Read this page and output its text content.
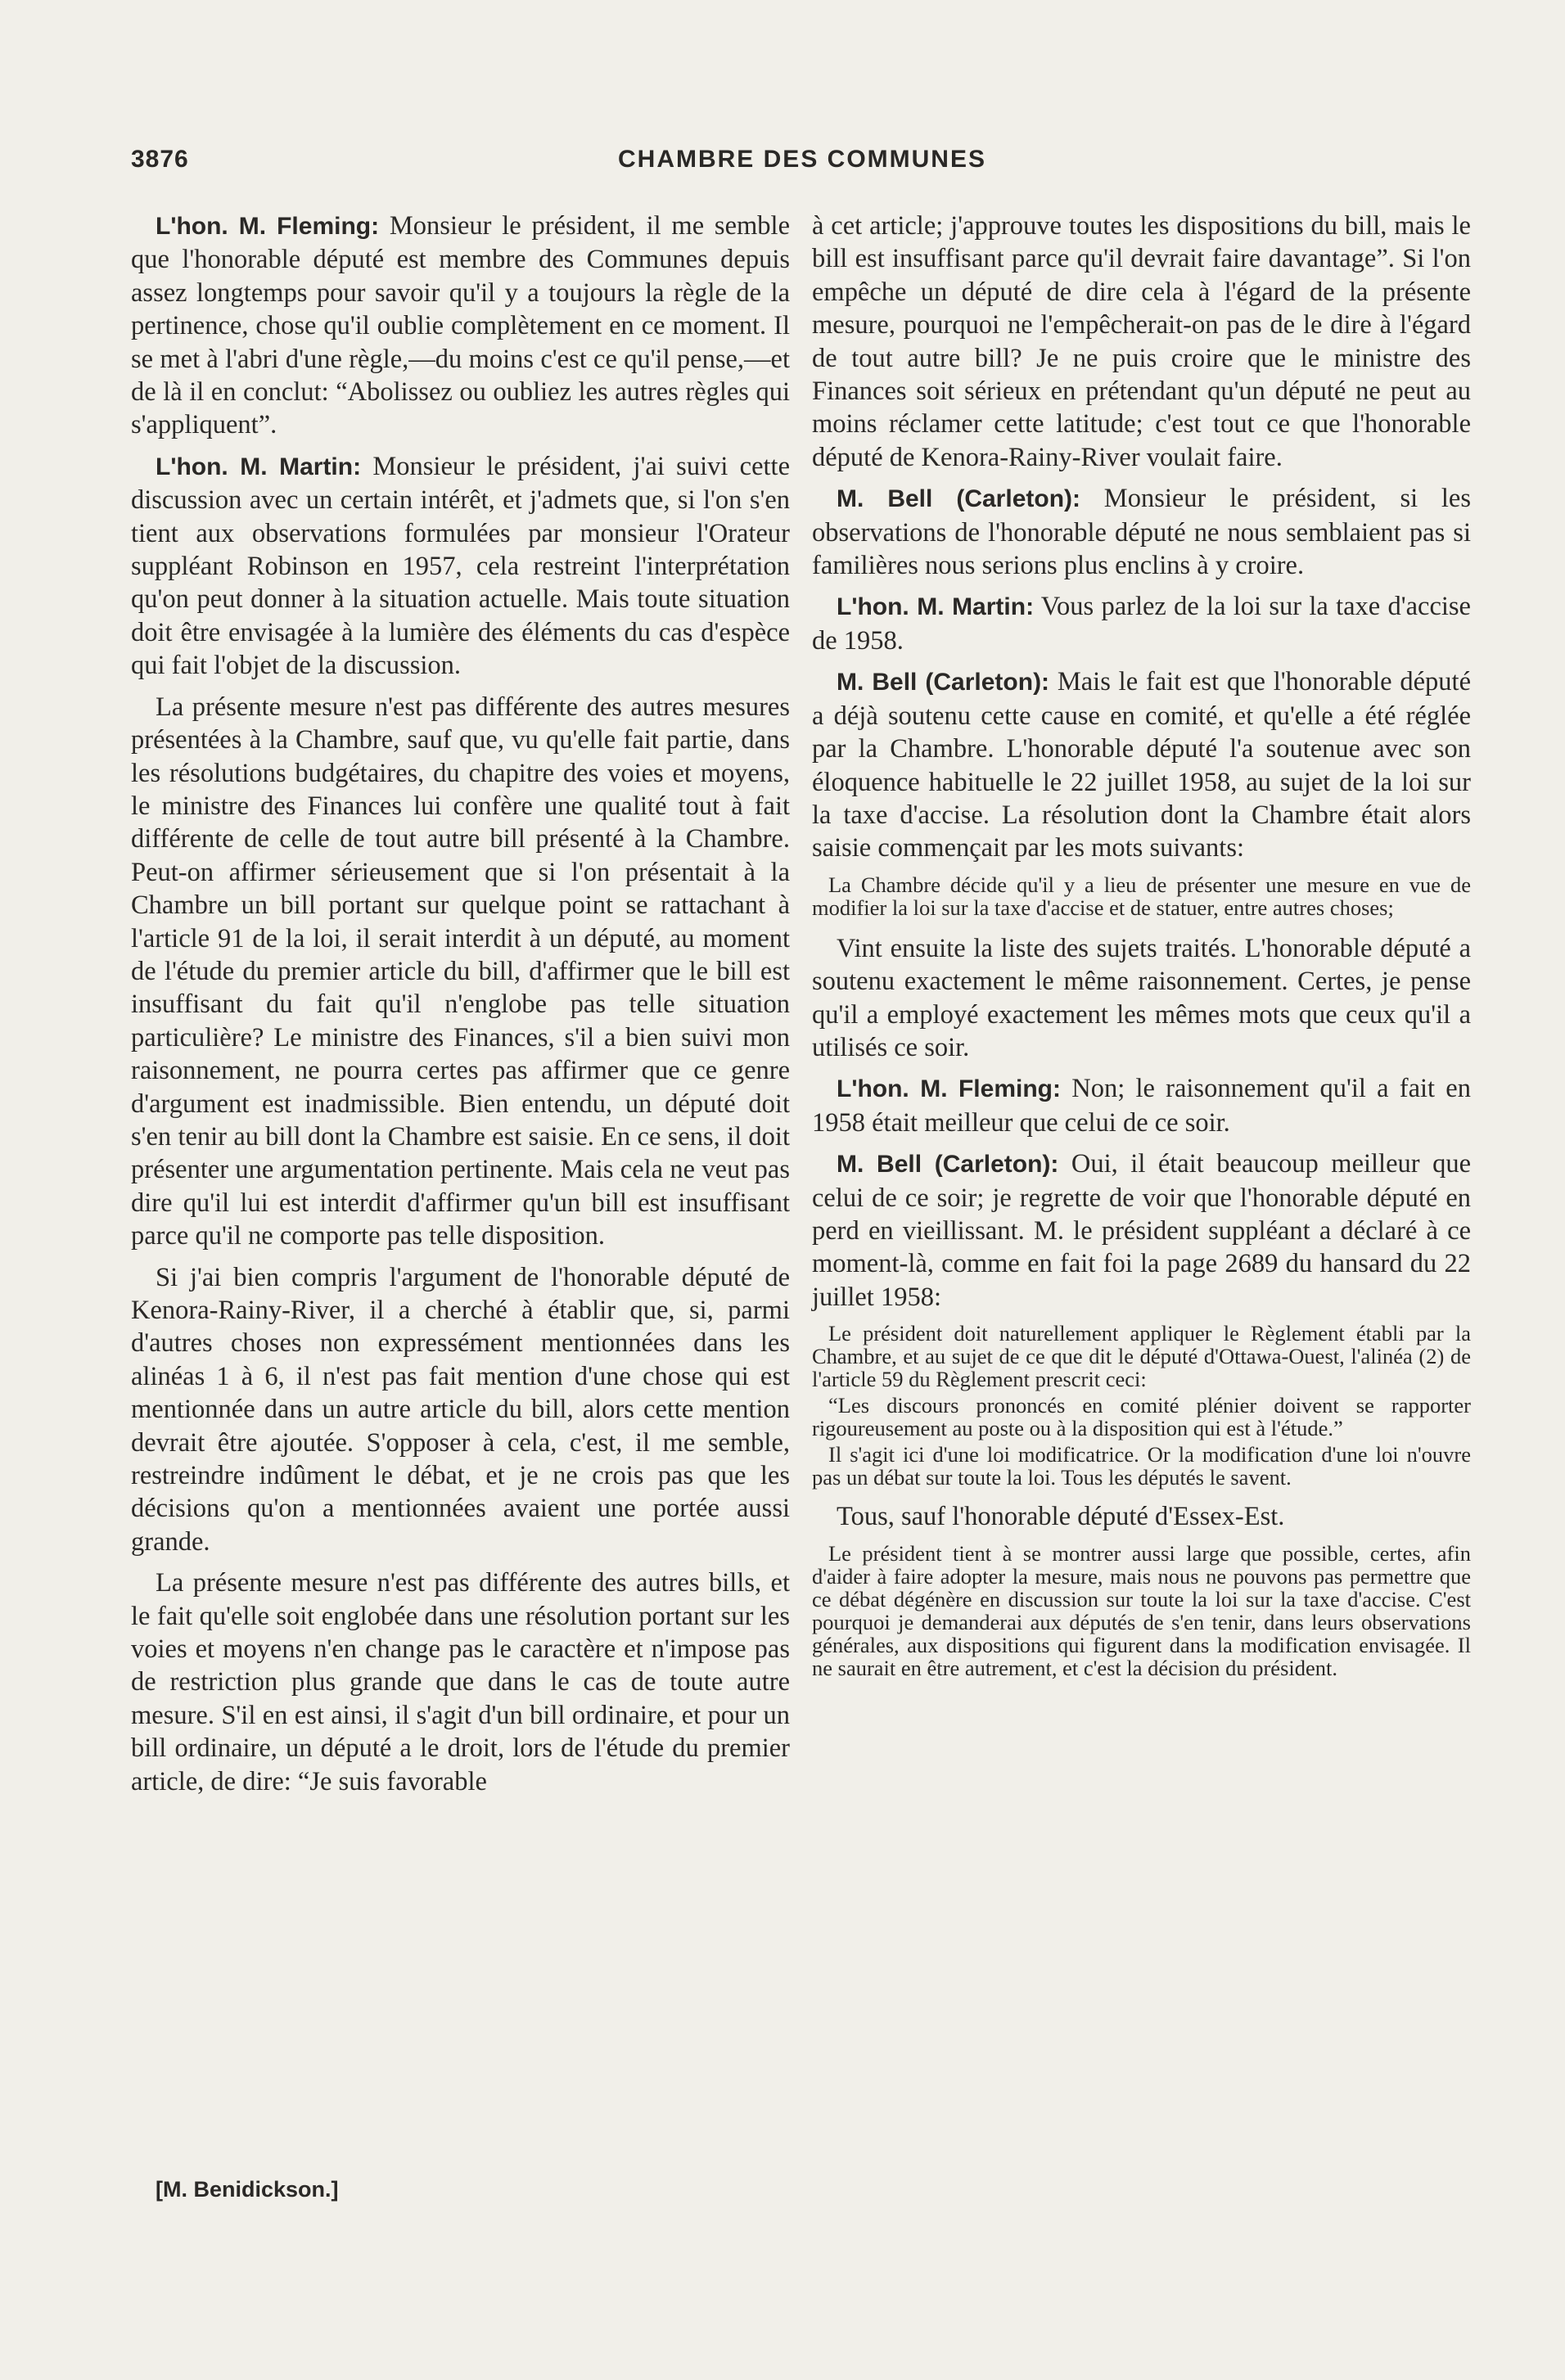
3876	CHAMBRE DES COMMUNES

L'hon. M. Fleming: Monsieur le président, il me semble que l'honorable député est membre des Communes depuis assez longtemps pour savoir qu'il y a toujours la règle de la pertinence, chose qu'il oublie complètement en ce moment. Il se met à l'abri d'une règle,—du moins c'est ce qu'il pense,—et de là il en conclut: “Abolissez ou oubliez les autres règles qui s'appliquent”.

L'hon. M. Martin: Monsieur le président, j'ai suivi cette discussion avec un certain intérêt, et j'admets que, si l'on s'en tient aux observations formulées par monsieur l'Orateur suppléant Robinson en 1957, cela restreint l'interprétation qu'on peut donner à la situation actuelle. Mais toute situation doit être envisagée à la lumière des éléments du cas d'espèce qui fait l'objet de la discussion.

La présente mesure n'est pas différente des autres mesures présentées à la Chambre, sauf que, vu qu'elle fait partie, dans les résolutions budgétaires, du chapitre des voies et moyens, le ministre des Finances lui confère une qualité tout à fait différente de celle de tout autre bill présenté à la Chambre. Peut-on affirmer sérieusement que si l'on présentait à la Chambre un bill portant sur quelque point se rattachant à l'article 91 de la loi, il serait interdit à un député, au moment de l'étude du premier article du bill, d'affirmer que le bill est insuffisant du fait qu'il n'englobe pas telle situation particulière? Le ministre des Finances, s'il a bien suivi mon raisonnement, ne pourra certes pas affirmer que ce genre d'argument est inadmissible. Bien entendu, un député doit s'en tenir au bill dont la Chambre est saisie. En ce sens, il doit présenter une argumentation pertinente. Mais cela ne veut pas dire qu'il lui est interdit d'affirmer qu'un bill est insuffisant parce qu'il ne comporte pas telle disposition.

Si j'ai bien compris l'argument de l'honorable député de Kenora-Rainy-River, il a cherché à établir que, si, parmi d'autres choses non expressément mentionnées dans les alinéas 1 à 6, il n'est pas fait mention d'une chose qui est mentionnée dans un autre article du bill, alors cette mention devrait être ajoutée. S'opposer à cela, c'est, il me semble, restreindre indûment le débat, et je ne crois pas que les décisions qu'on a mentionnées avaient une portée aussi grande.

La présente mesure n'est pas différente des autres bills, et le fait qu'elle soit englobée dans une résolution portant sur les voies et moyens n'en change pas le caractère et n'impose pas de restriction plus grande que dans le cas de toute autre mesure. S'il en est ainsi, il s'agit d'un bill ordinaire, et pour un bill ordinaire, un député a le droit, lors de l'étude du premier article, de dire: “Je suis favorable

à cet article; j'approuve toutes les dispositions du bill, mais le bill est insuffisant parce qu'il devrait faire davantage”. Si l'on empêche un député de dire cela à l'égard de la présente mesure, pourquoi ne l'empêcherait-on pas de le dire à l'égard de tout autre bill? Je ne puis croire que le ministre des Finances soit sérieux en prétendant qu'un député ne peut au moins réclamer cette latitude; c'est tout ce que l'honorable député de Kenora-Rainy-River voulait faire.

M. Bell (Carleton): Monsieur le président, si les observations de l'honorable député ne nous semblaient pas si familières nous serions plus enclins à y croire.

L'hon. M. Martin: Vous parlez de la loi sur la taxe d'accise de 1958.

M. Bell (Carleton): Mais le fait est que l'honorable député a déjà soutenu cette cause en comité, et qu'elle a été réglée par la Chambre. L'honorable député l'a soutenue avec son éloquence habituelle le 22 juillet 1958, au sujet de la loi sur la taxe d'accise. La résolution dont la Chambre était alors saisie commençait par les mots suivants:

La Chambre décide qu'il y a lieu de présenter une mesure en vue de modifier la loi sur la taxe d'accise et de statuer, entre autres choses;

Vint ensuite la liste des sujets traités. L'honorable député a soutenu exactement le même raisonnement. Certes, je pense qu'il a employé exactement les mêmes mots que ceux qu'il a utilisés ce soir.

L'hon. M. Fleming: Non; le raisonnement qu'il a fait en 1958 était meilleur que celui de ce soir.

M. Bell (Carleton): Oui, il était beaucoup meilleur que celui de ce soir; je regrette de voir que l'honorable député en perd en vieillissant. M. le président suppléant a déclaré à ce moment-là, comme en fait foi la page 2689 du hansard du 22 juillet 1958:

Le président doit naturellement appliquer le Règlement établi par la Chambre, et au sujet de ce que dit le député d'Ottawa-Ouest, l'alinéa (2) de l'article 59 du Règlement prescrit ceci:

“Les discours prononcés en comité plénier doivent se rapporter rigoureusement au poste ou à la disposition qui est à l'étude.”

Il s'agit ici d'une loi modificatrice. Or la modification d'une loi n'ouvre pas un débat sur toute la loi. Tous les députés le savent.

Tous, sauf l'honorable député d'Essex-Est.

Le président tient à se montrer aussi large que possible, certes, afin d'aider à faire adopter la mesure, mais nous ne pouvons pas permettre que ce débat dégénère en discussion sur toute la loi sur la taxe d'accise. C'est pourquoi je demanderai aux députés de s'en tenir, dans leurs observations générales, aux dispositions qui figurent dans la modification envisagée. Il ne saurait en être autrement, et c'est la décision du président.

[M. Benidickson.]
